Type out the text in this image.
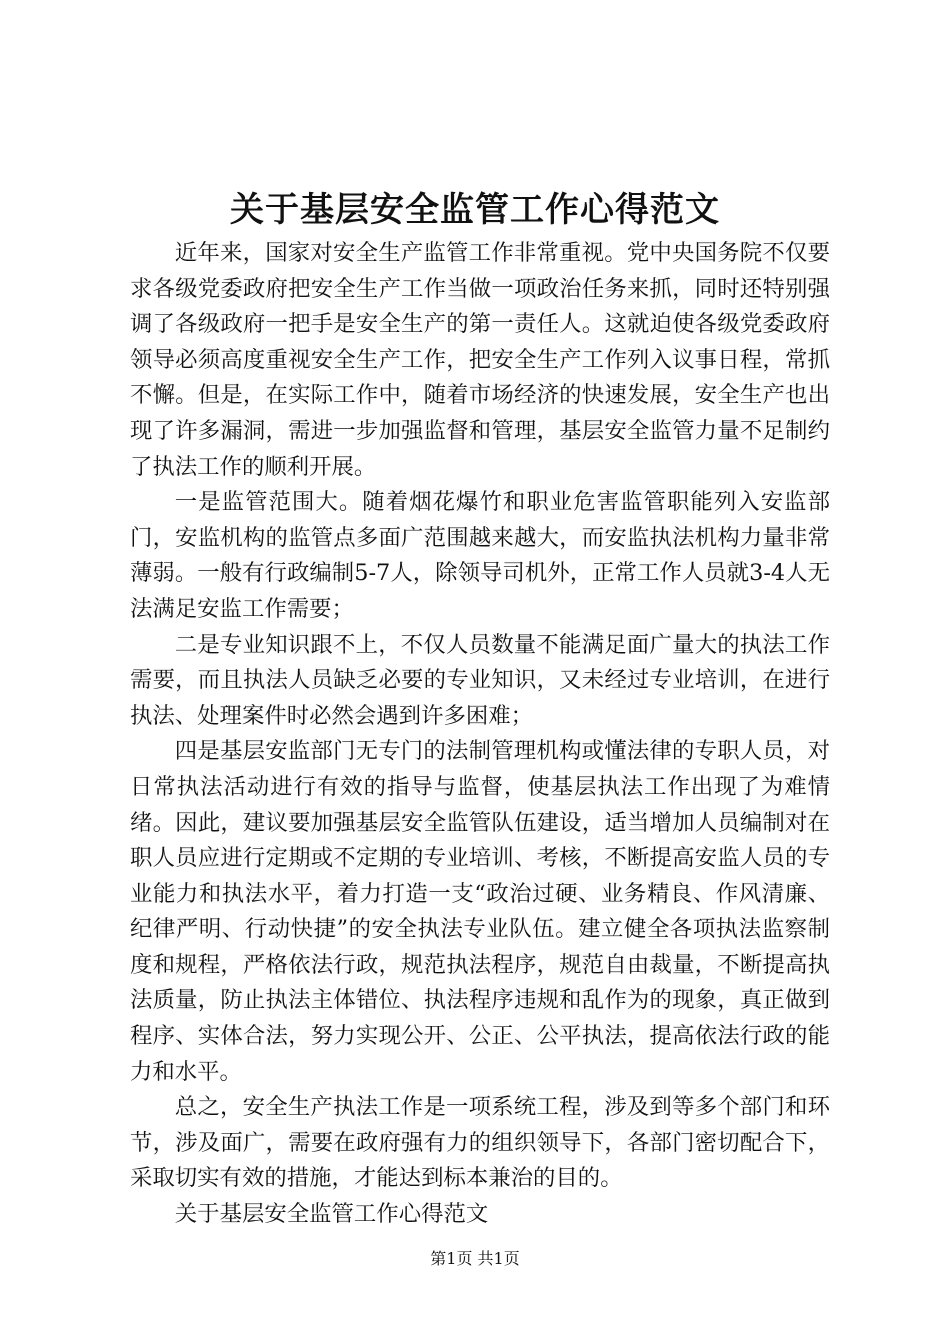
关于基层安全监管工作心得范文

近年来，国家对安全生产监管工作非常重视。党中央国务院不仅要求各级党委政府把安全生产工作当做一项政治任务来抓，同时还特别强调了各级政府一把手是安全生产的第一责任人。这就迫使各级党委政府领导必须高度重视安全生产工作，把安全生产工作列入议事日程，常抓不懈。但是，在实际工作中，随着市场经济的快速发展，安全生产也出现了许多漏洞，需进一步加强监督和管理，基层安全监管力量不足制约了执法工作的顺利开展。

一是监管范围大。随着烟花爆竹和职业危害监管职能列入安监部门，安监机构的监管点多面广范围越来越大，而安监执法机构力量非常薄弱。一般有行政编制5-7人，除领导司机外，正常工作人员就3-4人无法满足安监工作需要；

二是专业知识跟不上，不仅人员数量不能满足面广量大的执法工作需要，而且执法人员缺乏必要的专业知识，又未经过专业培训，在进行执法、处理案件时必然会遇到许多困难；

四是基层安监部门无专门的法制管理机构或懂法律的专职人员，对日常执法活动进行有效的指导与监督，使基层执法工作出现了为难情绪。因此，建议要加强基层安全监管队伍建设，适当增加人员编制对在职人员应进行定期或不定期的专业培训、考核，不断提高安监人员的专业能力和执法水平，着力打造一支“政治过硬、业务精良、作风清廉、纪律严明、行动快捷”的安全执法专业队伍。建立健全各项执法监察制度和规程，严格依法行政，规范执法程序，规范自由裁量，不断提高执法质量，防止执法主体错位、执法程序违规和乱作为的现象，真正做到程序、实体合法，努力实现公开、公正、公平执法，提高依法行政的能力和水平。

总之，安全生产执法工作是一项系统工程，涉及到等多个部门和环节，涉及面广，需要在政府强有力的组织领导下，各部门密切配合下，采取切实有效的措施，才能达到标本兼治的目的。

关于基层安全监管工作心得范文

第1页 共1页
